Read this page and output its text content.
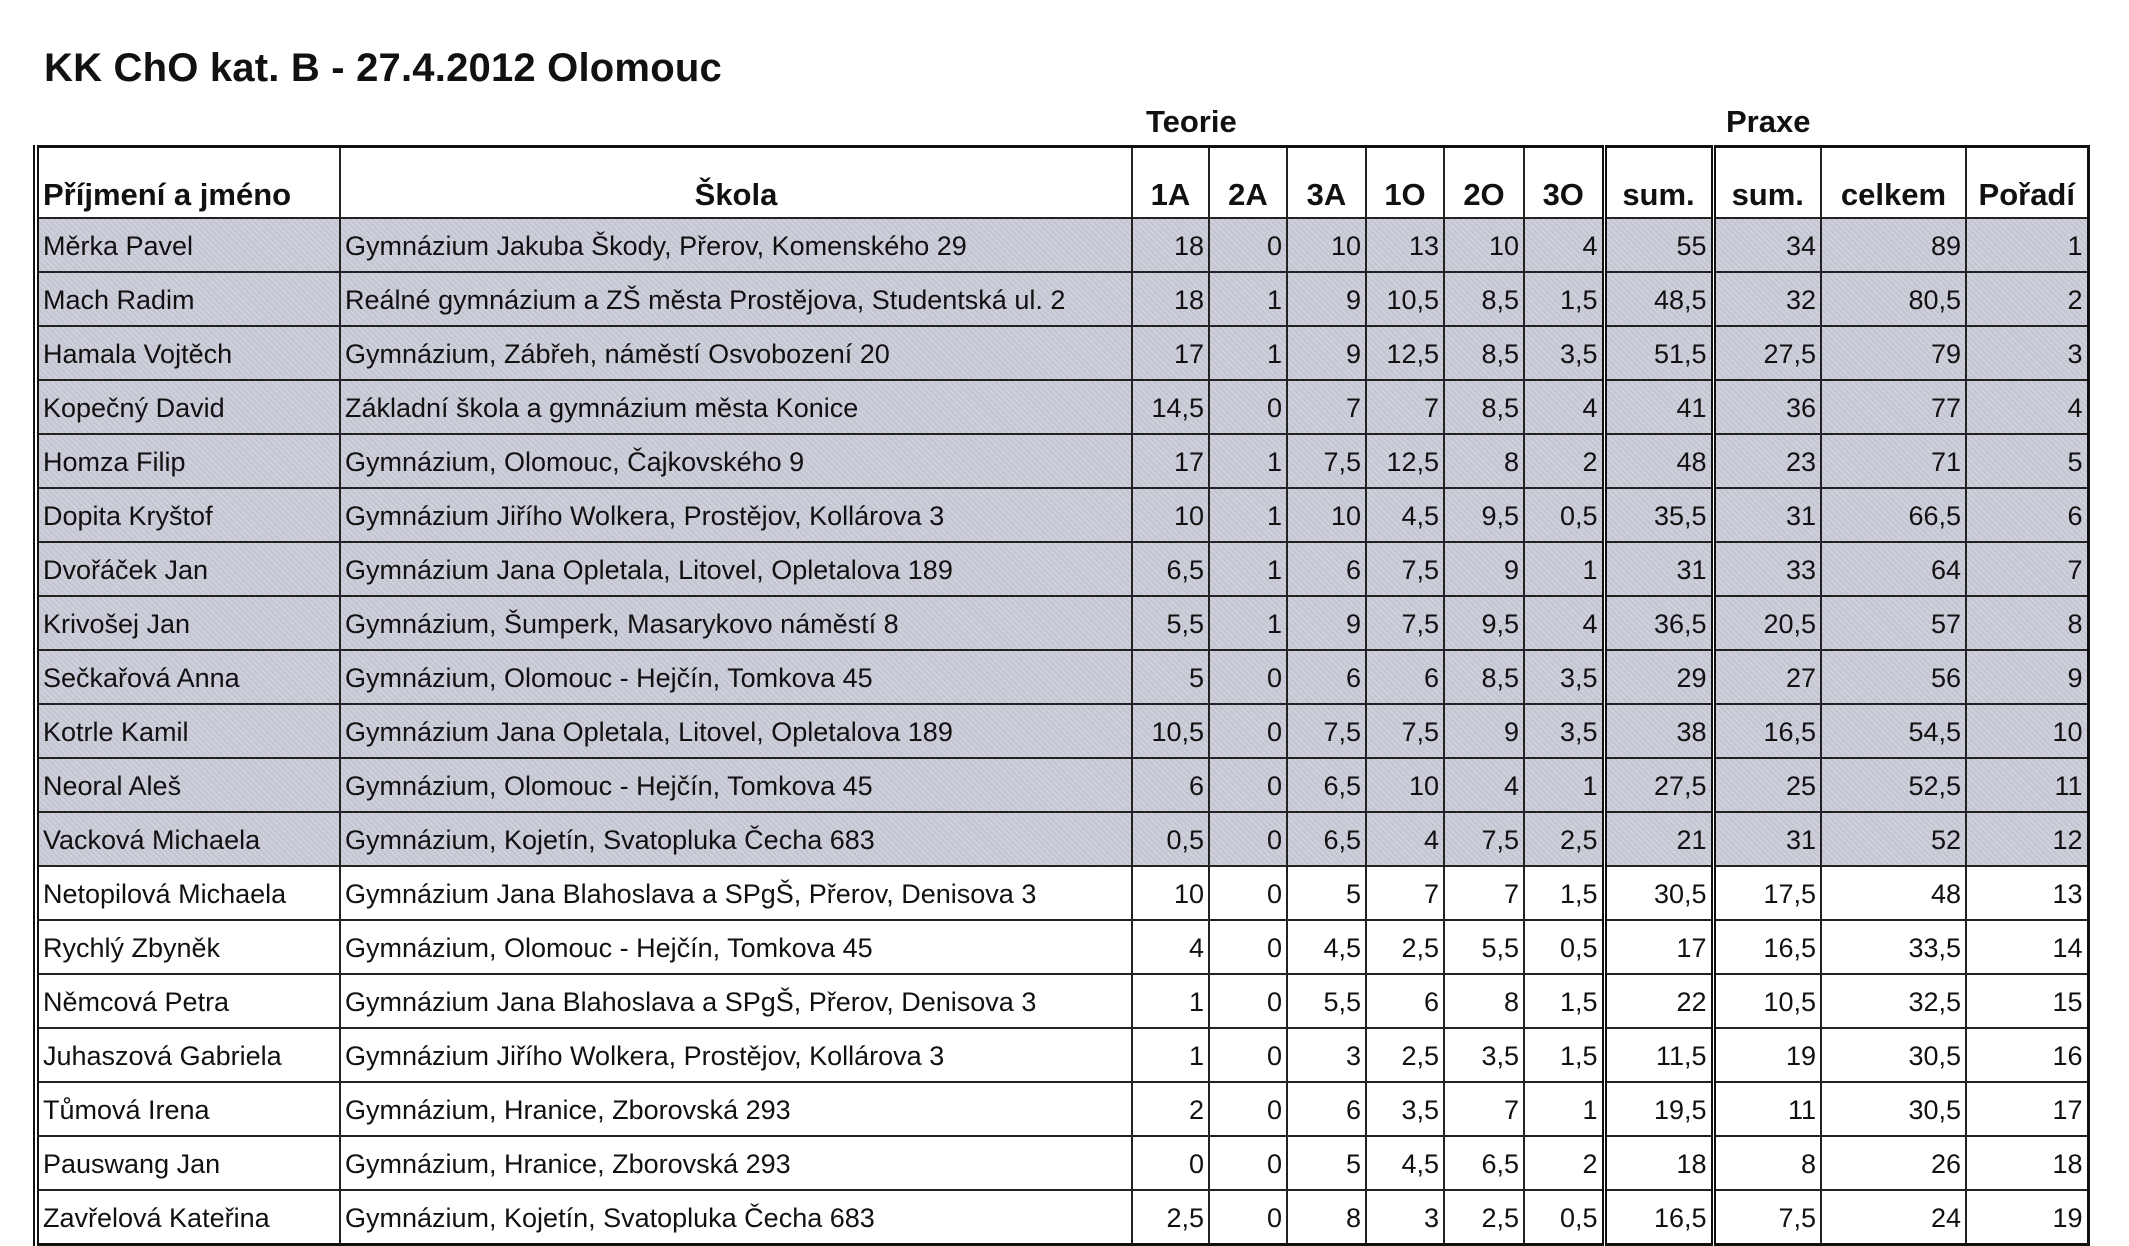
KK ChO kat. B - 27.4.2012 Olomouc
Teorie	Praxe
Příjmení a jméno	Škola	1A	2A	3A	1O	2O	3O	sum.	sum.	celkem	Pořadí
Měrka Pavel	Gymnázium Jakuba Škody, Přerov, Komenského 29	18	0	10	13	10	4	55	34	89	1
Mach Radim	Reálné gymnázium a ZŠ města Prostějova, Studentská ul. 2	18	1	9	10,5	8,5	1,5	48,5	32	80,5	2
Hamala Vojtěch	Gymnázium, Zábřeh, náměstí Osvobození 20	17	1	9	12,5	8,5	3,5	51,5	27,5	79	3
Kopečný David	Základní škola a gymnázium města Konice	14,5	0	7	7	8,5	4	41	36	77	4
Homza Filip	Gymnázium, Olomouc, Čajkovského 9	17	1	7,5	12,5	8	2	48	23	71	5
Dopita Kryštof	Gymnázium Jiřího Wolkera, Prostějov, Kollárova 3	10	1	10	4,5	9,5	0,5	35,5	31	66,5	6
Dvořáček Jan	Gymnázium Jana Opletala, Litovel, Opletalova 189	6,5	1	6	7,5	9	1	31	33	64	7
Krivošej Jan	Gymnázium, Šumperk, Masarykovo náměstí 8	5,5	1	9	7,5	9,5	4	36,5	20,5	57	8
Sečkařová Anna	Gymnázium, Olomouc - Hejčín, Tomkova 45	5	0	6	6	8,5	3,5	29	27	56	9
Kotrle Kamil	Gymnázium Jana Opletala, Litovel, Opletalova 189	10,5	0	7,5	7,5	9	3,5	38	16,5	54,5	10
Neoral Aleš	Gymnázium, Olomouc - Hejčín, Tomkova 45	6	0	6,5	10	4	1	27,5	25	52,5	11
Vacková Michaela	Gymnázium, Kojetín, Svatopluka Čecha 683	0,5	0	6,5	4	7,5	2,5	21	31	52	12
Netopilová Michaela	Gymnázium Jana Blahoslava a SPgŠ, Přerov, Denisova 3	10	0	5	7	7	1,5	30,5	17,5	48	13
Rychlý Zbyněk	Gymnázium, Olomouc - Hejčín, Tomkova 45	4	0	4,5	2,5	5,5	0,5	17	16,5	33,5	14
Němcová Petra	Gymnázium Jana Blahoslava a SPgŠ, Přerov, Denisova 3	1	0	5,5	6	8	1,5	22	10,5	32,5	15
Juhaszová Gabriela	Gymnázium Jiřího Wolkera, Prostějov, Kollárova 3	1	0	3	2,5	3,5	1,5	11,5	19	30,5	16
Tůmová Irena	Gymnázium, Hranice, Zborovská 293	2	0	6	3,5	7	1	19,5	11	30,5	17
Pauswang Jan	Gymnázium, Hranice, Zborovská 293	0	0	5	4,5	6,5	2	18	8	26	18
Zavřelová Kateřina	Gymnázium, Kojetín, Svatopluka Čecha 683	2,5	0	8	3	2,5	0,5	16,5	7,5	24	19
